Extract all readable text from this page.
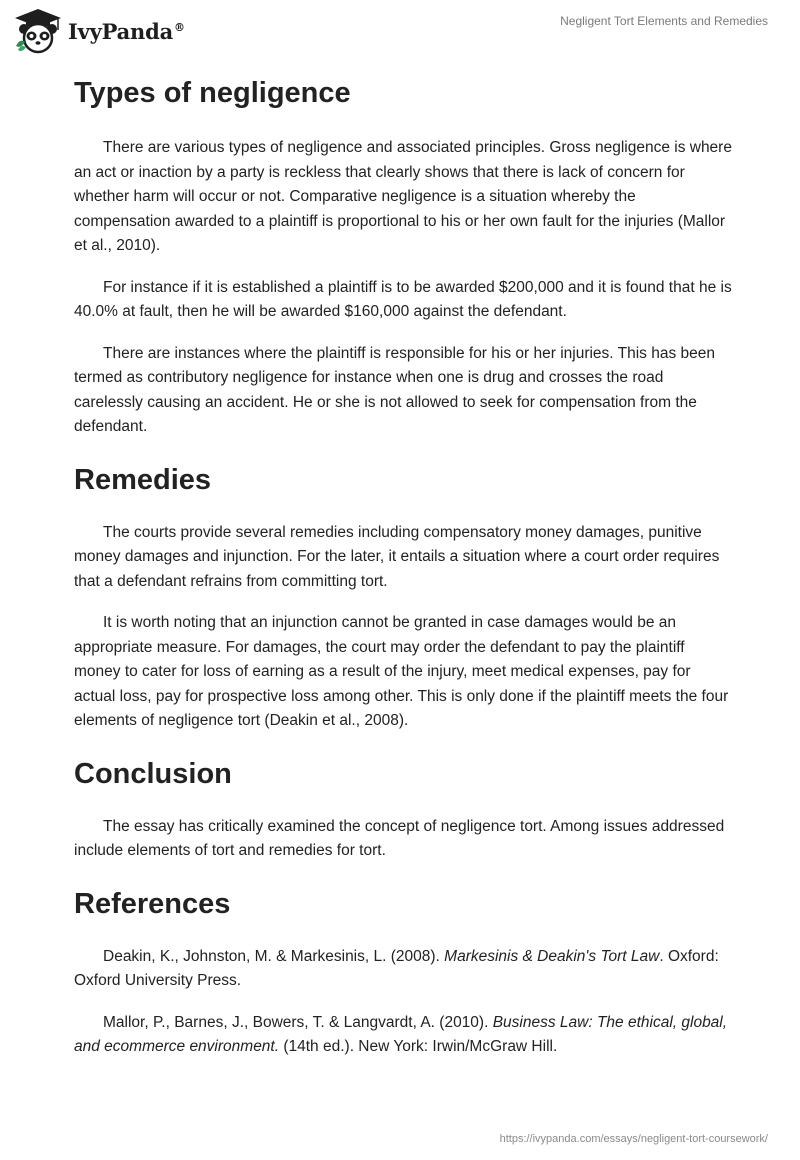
IvyPanda®	Negligent Tort Elements and Remedies
Types of negligence

There are various types of negligence and associated principles. Gross negligence is where an act or inaction by a party is reckless that clearly shows that there is lack of concern for whether harm will occur or not. Comparative negligence is a situation whereby the compensation awarded to a plaintiff is proportional to his or her own fault for the injuries (Mallor et al., 2010).

For instance if it is established a plaintiff is to be awarded $200,000 and it is found that he is 40.0% at fault, then he will be awarded $160,000 against the defendant.

There are instances where the plaintiff is responsible for his or her injuries. This has been termed as contributory negligence for instance when one is drug and crosses the road carelessly causing an accident. He or she is not allowed to seek for compensation from the defendant.

Remedies

The courts provide several remedies including compensatory money damages, punitive money damages and injunction. For the later, it entails a situation where a court order requires that a defendant refrains from committing tort.

It is worth noting that an injunction cannot be granted in case damages would be an appropriate measure. For damages, the court may order the defendant to pay the plaintiff money to cater for loss of earning as a result of the injury, meet medical expenses, pay for actual loss, pay for prospective loss among other. This is only done if the plaintiff meets the four elements of negligence tort (Deakin et al., 2008).

Conclusion

The essay has critically examined the concept of negligence tort. Among issues addressed include elements of tort and remedies for tort.

References

Deakin, K., Johnston, M. & Markesinis, L. (2008). Markesinis & Deakin's Tort Law. Oxford: Oxford University Press.

Mallor, P., Barnes, J., Bowers, T. & Langvardt, A. (2010). Business Law: The ethical, global, and ecommerce environment. (14th ed.). New York: Irwin/McGraw Hill.

https://ivypanda.com/essays/negligent-tort-coursework/
